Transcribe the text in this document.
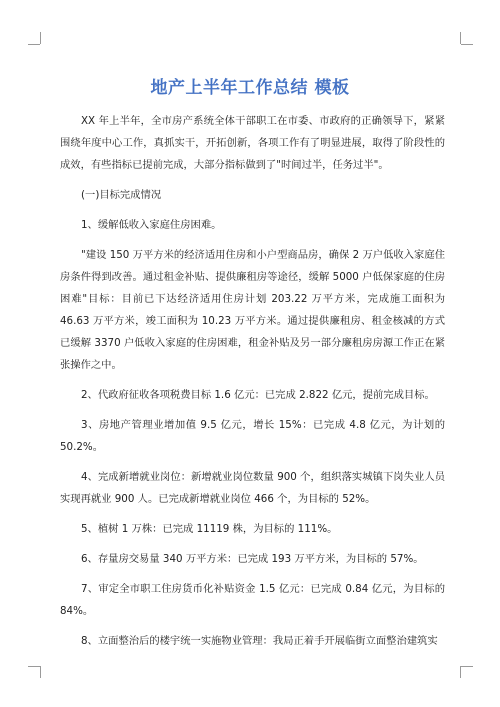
地产上半年工作总结 模板

XX 年上半年，全市房产系统全体干部职工在市委、市政府的正确领导下，紧紧围绕年度中心工作，真抓实干，开拓创新，各项工作有了明显进展，取得了阶段性的成效，有些指标已提前完成，大部分指标做到了"时间过半，任务过半"。

(一)目标完成情况

1、缓解低收入家庭住房困难。

"建设 150 万平方米的经济适用住房和小户型商品房，确保 2 万户低收入家庭住房条件得到改善。通过租金补贴、提供廉租房等途径，缓解 5000 户低保家庭的住房困难"目标：目前已下达经济适用住房计划 203.22 万平方米，完成施工面积为 46.63 万平方米，竣工面积为 10.23 万平方米。通过提供廉租房、租金核减的方式已缓解 3370 户低收入家庭的住房困难，租金补贴及另一部分廉租房房源工作正在紧张操作之中。

2、代政府征收各项税费目标 1.6 亿元：已完成 2.822 亿元，提前完成目标。

3、房地产管理业增加值 9.5 亿元，增长 15%：已完成 4.8 亿元，为计划的 50.2%。

4、完成新增就业岗位：新增就业岗位数量 900 个，组织落实城镇下岗失业人员实现再就业 900 人。已完成新增就业岗位 466 个，为目标的 52%。

5、植树 1 万株：已完成 11119 株，为目标的 111%。

6、存量房交易量 340 万平方米：已完成 193 万平方米，为目标的 57%。

7、审定全市职工住房货币化补贴资金 1.5 亿元：已完成 0.84 亿元，为目标的 84%。

8、立面整治后的楼宇统一实施物业管理：我局正着手开展临街立面整治建筑实
